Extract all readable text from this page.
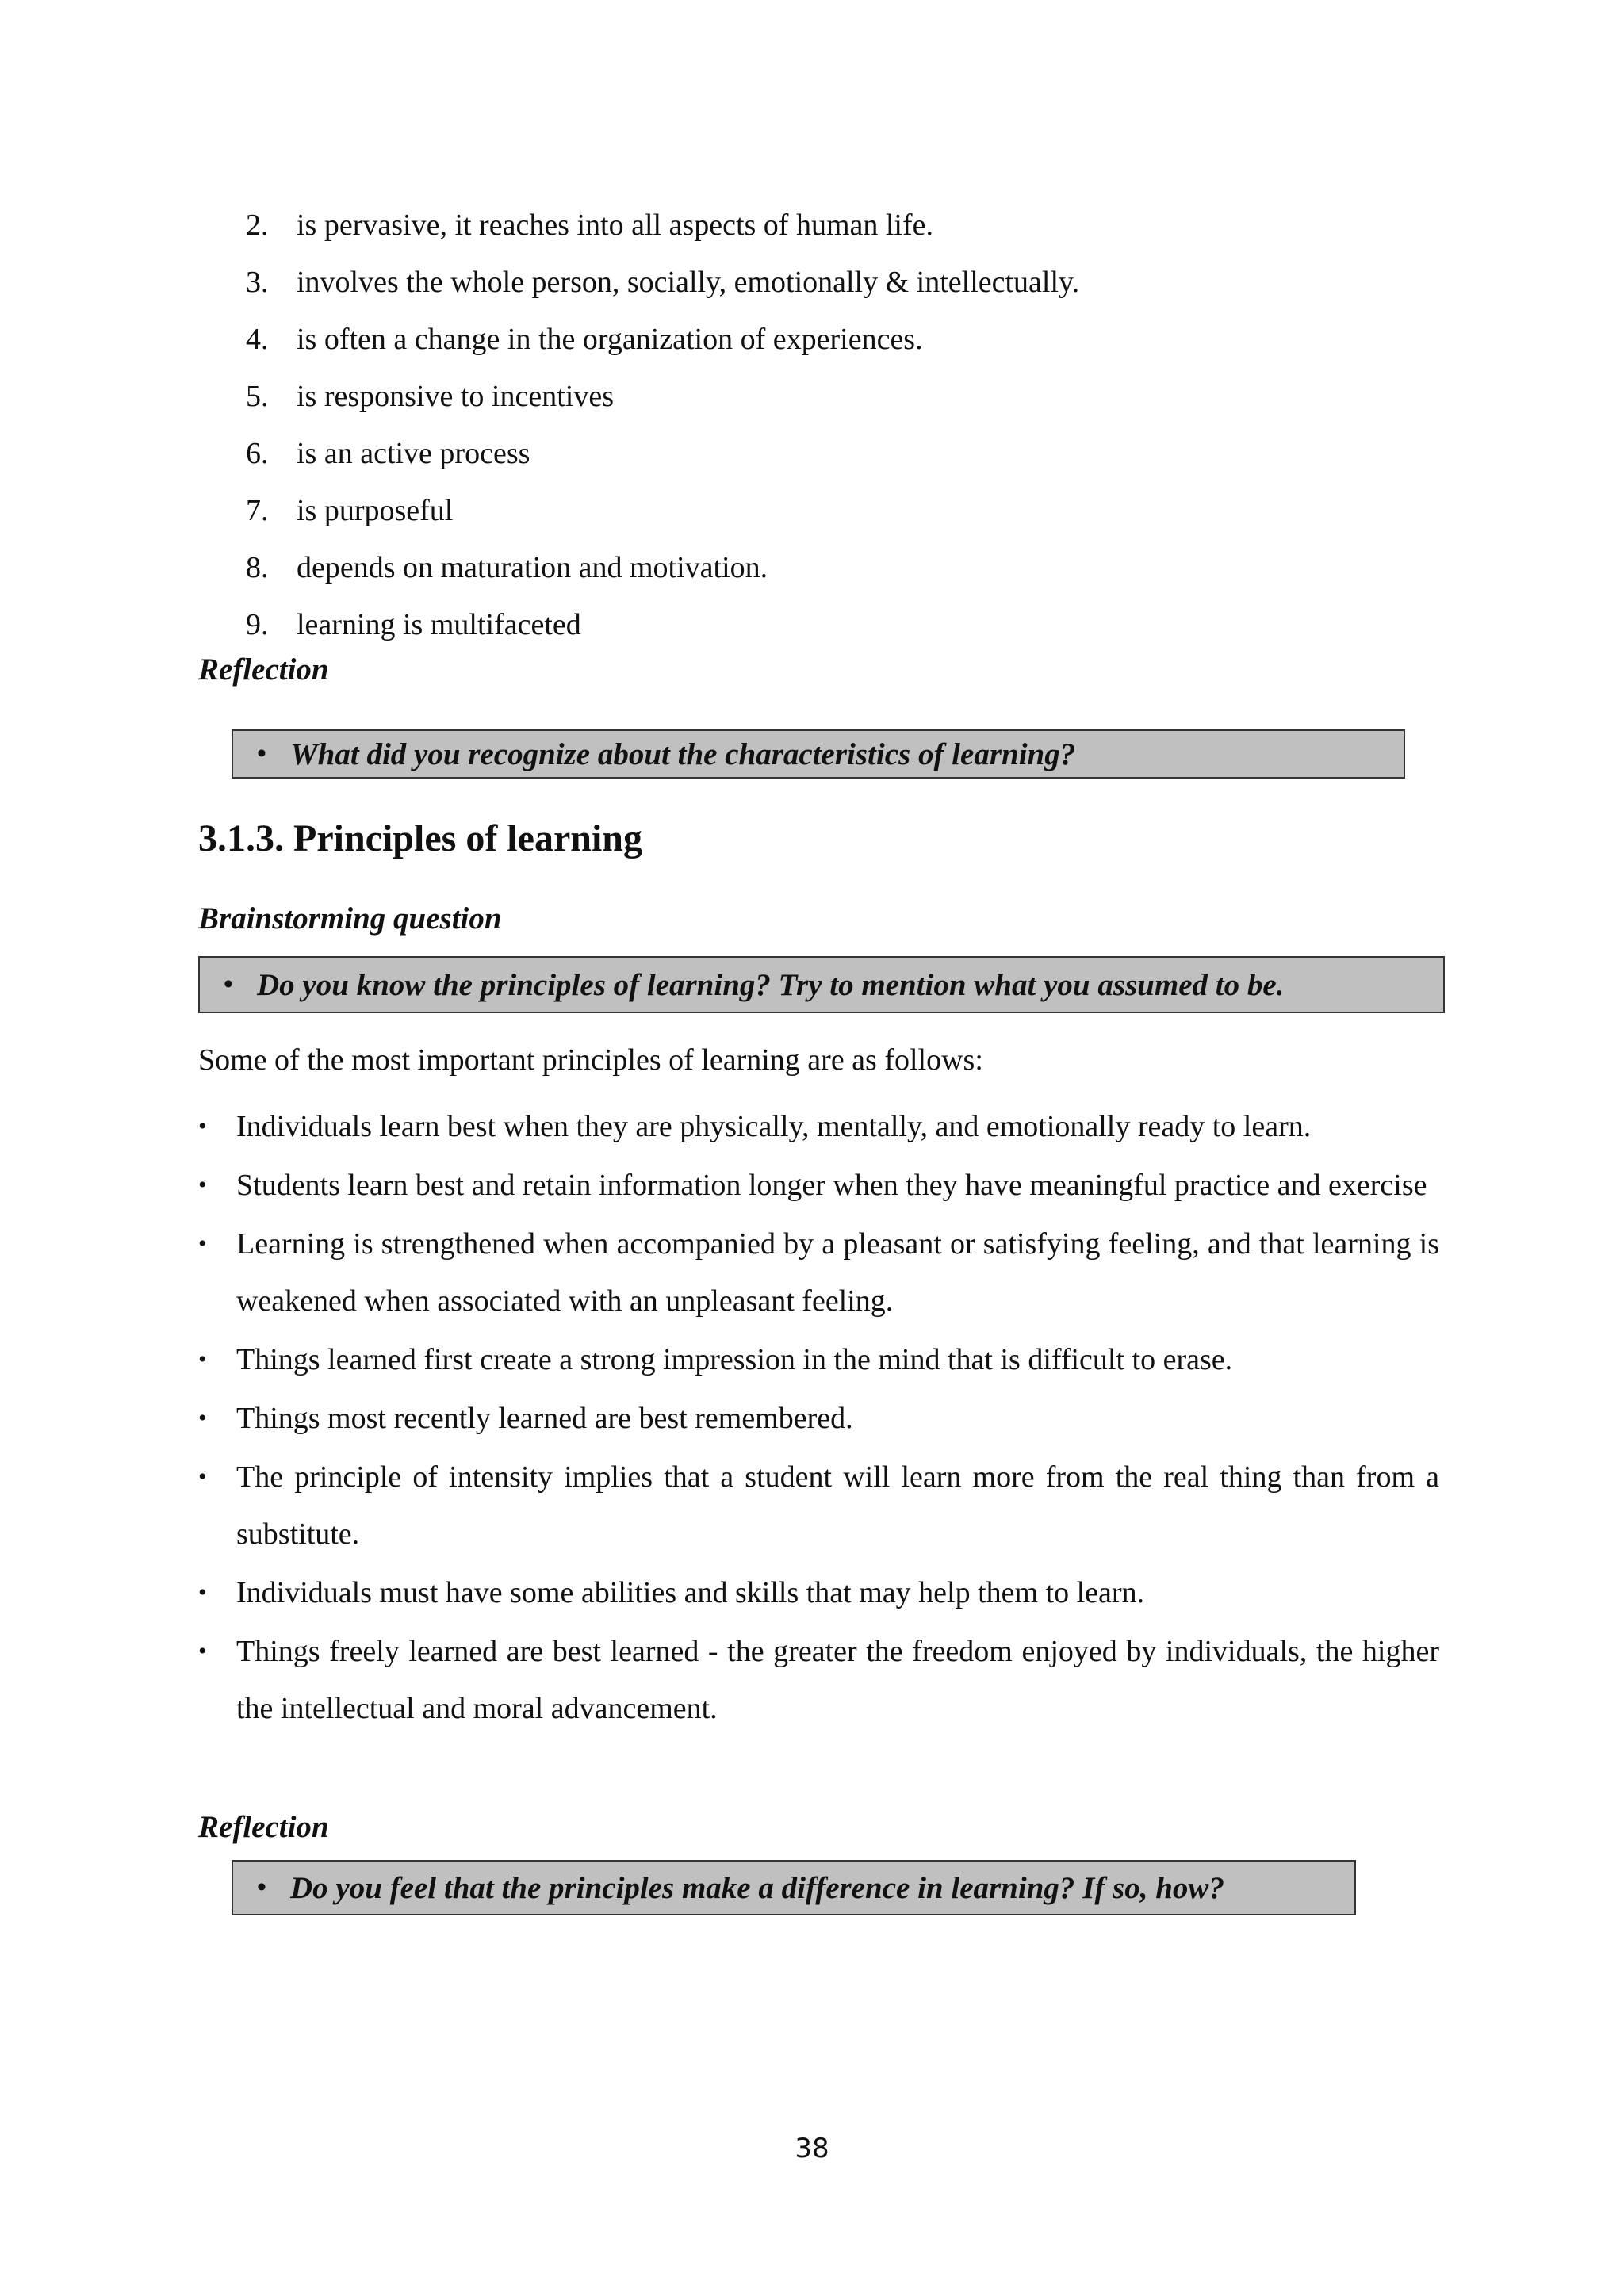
2. is pervasive, it reaches into all aspects of human life.
3. involves the whole person, socially, emotionally & intellectually.
4. is often a change in the organization of experiences.
5. is responsive to incentives
6. is an active process
7. is purposeful
8. depends on maturation and motivation.
9. learning is multifaceted
Reflection
• What did you recognize about the characteristics of learning?
3.1.3. Principles of learning
Brainstorming question
• Do you know the principles of learning? Try to mention what you assumed to be.
Some of the most important principles of learning are as follows:
• Individuals learn best when they are physically, mentally, and emotionally ready to learn.
• Students learn best and retain information longer when they have meaningful practice and exercise
• Learning is strengthened when accompanied by a pleasant or satisfying feeling, and that learning is weakened when associated with an unpleasant feeling.
• Things learned first create a strong impression in the mind that is difficult to erase.
• Things most recently learned are best remembered.
• The principle of intensity implies that a student will learn more from the real thing than from a substitute.
• Individuals must have some abilities and skills that may help them to learn.
• Things freely learned are best learned - the greater the freedom enjoyed by individuals, the higher the intellectual and moral advancement.
Reflection
• Do you feel that the principles make a difference in learning? If so, how?
38
